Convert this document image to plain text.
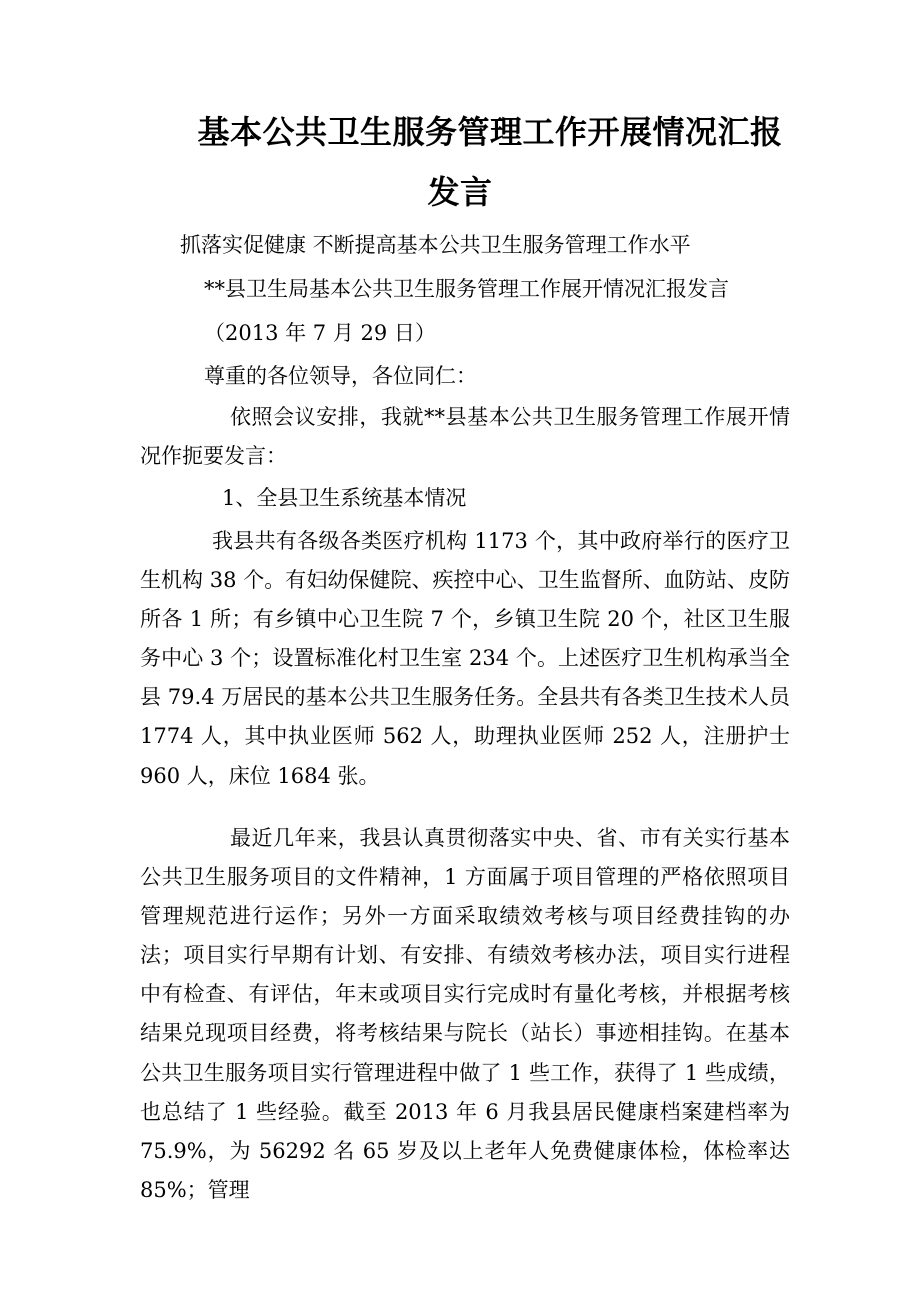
基本公共卫生服务管理工作开展情况汇报
发言

抓落实促健康 不断提高基本公共卫生服务管理工作水平

**县卫生局基本公共卫生服务管理工作展开情况汇报发言

（2013 年 7 月 29 日）

尊重的各位领导，各位同仁：

依照会议安排，我就**县基本公共卫生服务管理工作展开情况作扼要发言：

1、全县卫生系统基本情况

我县共有各级各类医疗机构 1173 个，其中政府举行的医疗卫生机构 38 个。有妇幼保健院、疾控中心、卫生监督所、血防站、皮防所各 1 所；有乡镇中心卫生院 7 个，乡镇卫生院 20 个，社区卫生服务中心 3 个；设置标准化村卫生室 234 个。上述医疗卫生机构承当全县 79.4 万居民的基本公共卫生服务任务。全县共有各类卫生技术人员 1774 人，其中执业医师 562 人，助理执业医师 252 人，注册护士 960 人，床位 1684 张。

最近几年来，我县认真贯彻落实中央、省、市有关实行基本公共卫生服务项目的文件精神，1 方面属于项目管理的严格依照项目管理规范进行运作；另外一方面采取绩效考核与项目经费挂钩的办法；项目实行早期有计划、有安排、有绩效考核办法，项目实行进程中有检查、有评估，年末或项目实行完成时有量化考核，并根据考核结果兑现项目经费，将考核结果与院长（站长）事迹相挂钩。在基本公共卫生服务项目实行管理进程中做了 1 些工作，获得了 1 些成绩，也总结了 1 些经验。截至 2013 年 6 月我县居民健康档案建档率为 75.9%，为 56292 名 65 岁及以上老年人免费健康体检，体检率达 85%；管理
